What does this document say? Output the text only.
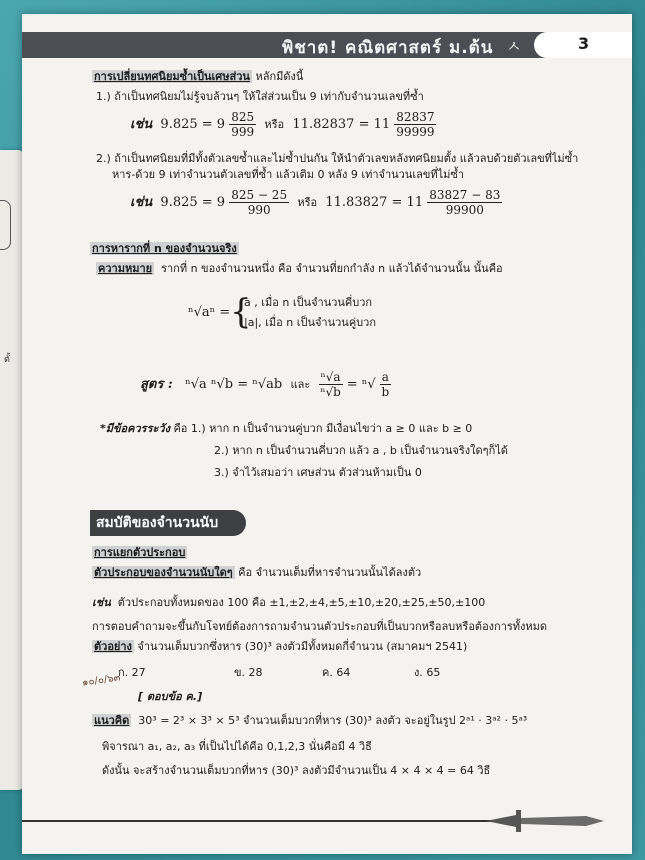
ตั้
พิชาต! คณิตศาสตร์ ม.ต้น ㅅ	3
การเปลี่ยนทศนิยมซ้ำเป็นเศษส่วน หลักมีดังนี้
1.) ถ้าเป็นทศนิยมไม่รู้จบล้วนๆ ให้ใส่ส่วนเป็น 9 เท่ากับจำนวนเลขที่ซ้ำ
เช่น $9.825 = 9 \frac{825}{999}$ หรือ $11.82837 = 11 \frac{82837}{99999}$
2.) ถ้าเป็นทศนิยมที่มีทั้งตัวเลขซ้ำและไม่ซ้ำปนกัน ให้นำตัวเลขหลังทศนิยมตั้ง แล้วลบด้วยตัวเลขที่ไม่ซ้ำ
หาร-ด้วย 9 เท่าจำนวนตัวเลขที่ซ้ำ แล้วเติม 0 หลัง 9 เท่าจำนวนเลขที่ไม่ซ้ำ
เช่น $9.825 = 9 \frac{825 - 25}{990}$ หรือ $11.83827 = 11 \frac{83827 - 83}{99900}$
การหารากที่ n ของจำนวนจริง
ความหมาย รากที่ n ของจำนวนหนึ่ง คือ จำนวนที่ยกกำลัง n แล้วได้จำนวนนั้น นั้นคือ
ⁿ√aⁿ = {
a , เมื่อ n เป็นจำนวนคี่บวก
|a|, เมื่อ n เป็นจำนวนคู่บวก
สูตร : ⁿ√a ⁿ√b = ⁿ√ab และ $\frac{\text{ⁿ√a}}{\text{ⁿ√b}} = ^n√ \frac{a}{b}$
*มีข้อควรระวัง คือ 1.) หาก n เป็นจำนวนคู่บวก มีเงื่อนไขว่า a ≥ 0 และ b ≥ 0
2.) หาก n เป็นจำนวนคี่บวก แล้ว a , b เป็นจำนวนจริงใดๆก็ได้
3.) จำไว้เสมอว่า เศษส่วน ตัวส่วนห้ามเป็น 0
สมบัติของจำนวนนับ
การแยกตัวประกอบ
ตัวประกอบของจำนวนนับใดๆ คือ จำนวนเต็มที่หารจำนวนนั้นได้ลงตัว
เช่น ตัวประกอบทั้งหมดของ 100 คือ ±1,±2,±4,±5,±10,±20,±25,±50,±100
การตอบคำถามจะขึ้นกับโจทย์ต้องการถามจำนวนตัวประกอบที่เป็นบวกหรือลบหรือต้องการทั้งหมด
ตัวอย่าง จำนวนเต็มบวกซึ่งหาร (30)³ ลงตัวมีทั้งหมดกี่จำนวน (สมาคมฯ 2541)
๑๐/๐/๖๓
ก. 27	ข. 28	ค. 64	ง. 65
[ ตอบข้อ ค.]
แนวคิด 30³ = 2³ × 3³ × 5³ จำนวนเต็มบวกที่หาร (30)³ ลงตัว จะอยู่ในรูป 2ᵃ¹ · 3ᵃ² · 5ᵃ³
พิจารณา a₁, a₂, a₃ ที่เป็นไปได้คือ 0,1,2,3 นั่นคือมี 4 วิธี
ดังนั้น จะสร้างจำนวนเต็มบวกที่หาร (30)³ ลงตัวมีจำนวนเป็น 4 × 4 × 4 = 64 วิธี
